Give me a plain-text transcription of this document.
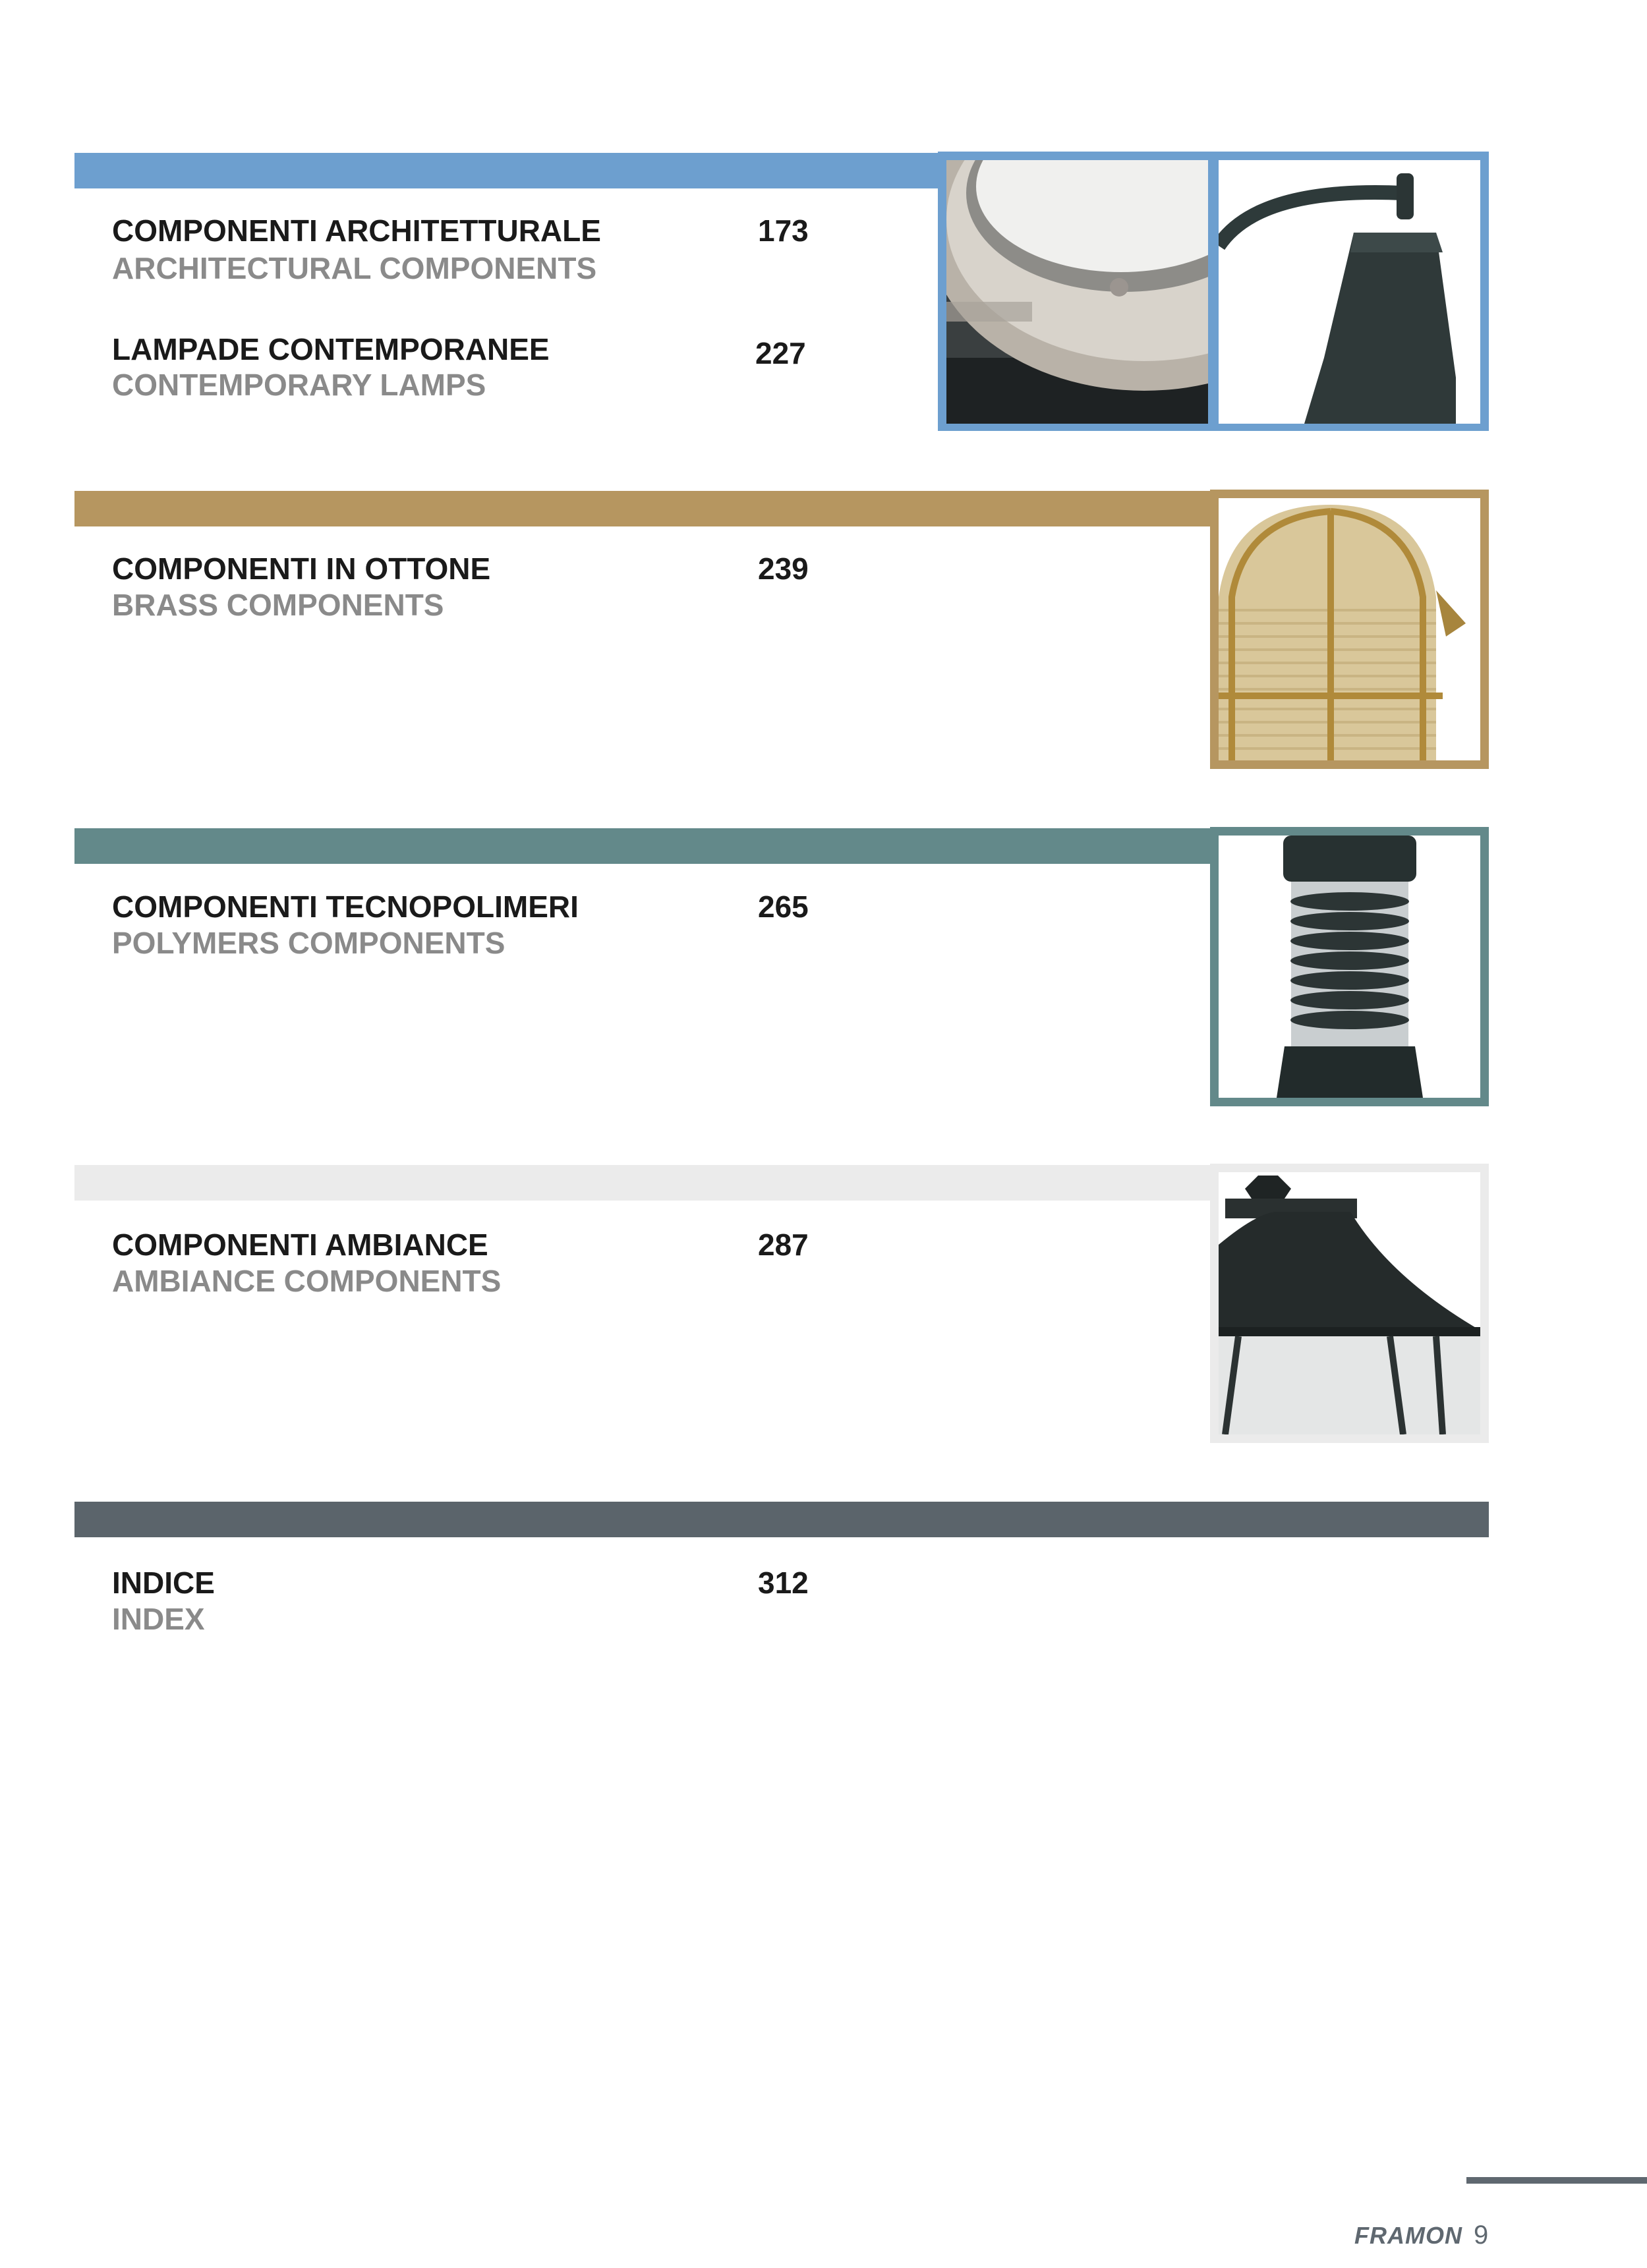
COMPONENTI ARCHITETTURALE
ARCHITECTURAL COMPONENTS
173
LAMPADE CONTEMPORANEE
CONTEMPORARY LAMPS
227
COMPONENTI IN OTTONE
BRASS COMPONENTS
239
COMPONENTI TECNOPOLIMERI
POLYMERS COMPONENTS
265
COMPONENTI AMBIANCE
AMBIANCE COMPONENTS
287
INDICE
INDEX
312
FRAMON 9
